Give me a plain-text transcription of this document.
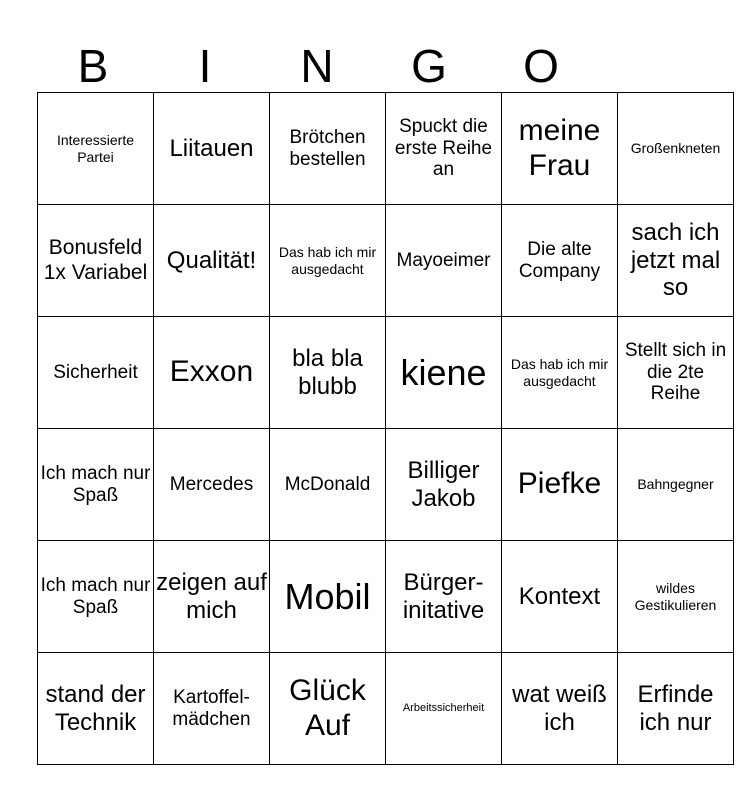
B	I	N	G	O
Interessierte Partei	Liitauen	Brötchen bestellen	Spuckt die erste Reihe an	meine Frau	Großenkneten
Bonusfeld 1x Variabel	Qualität!	Das hab ich mir ausgedacht	Mayoeimer	Die alte Company	sach ich jetzt mal so
Sicherheit	Exxon	bla bla blubb	kiene	Das hab ich mir ausgedacht	Stellt sich in die 2te Reihe
Ich mach nur Spaß	Mercedes	McDonald	Billiger Jakob	Piefke	Bahngegner
Ich mach nur Spaß	zeigen auf mich	Mobil	Bürger-initative	Kontext	wildes Gestikulieren
stand der Technik	Kartoffel-mädchen	Glück Auf	Arbeitssicherheit	wat weiß ich	Erfinde ich nur
